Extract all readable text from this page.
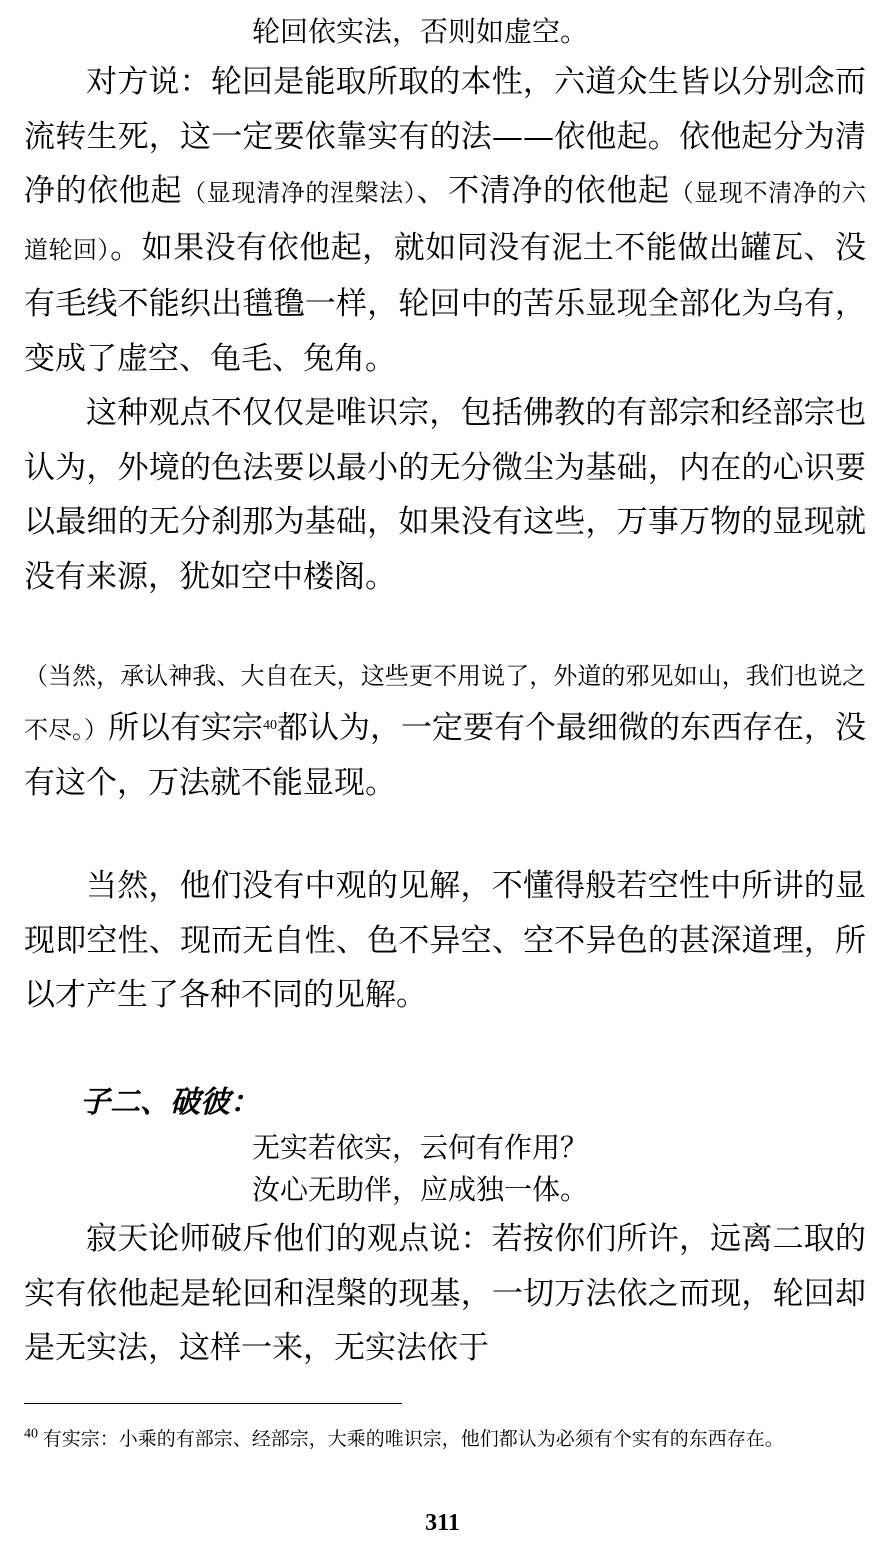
轮回依实法，否则如虚空。

对方说：轮回是能取所取的本性，六道众生皆以分别念而流转生死，这一定要依靠实有的法——依他起。依他起分为清净的依他起（显现清净的涅槃法）、不清净的依他起（显现不清净的六道轮回）。如果没有依他起，就如同没有泥土不能做出罐瓦、没有毛线不能织出氆氇一样，轮回中的苦乐显现全部化为乌有，变成了虚空、龟毛、兔角。

这种观点不仅仅是唯识宗，包括佛教的有部宗和经部宗也认为，外境的色法要以最小的无分微尘为基础，内在的心识要以最细的无分刹那为基础，如果没有这些，万事万物的显现就没有来源，犹如空中楼阁。

（当然，承认神我、大自在天，这些更不用说了，外道的邪见如山，我们也说之不尽。）所以有实宗$^{40}$都认为，一定要有个最细微的东西存在，没有这个，万法就不能显现。

当然，他们没有中观的见解，不懂得般若空性中所讲的显现即空性、现而无自性、色不异空、空不异色的甚深道理，所以才产生了各种不同的见解。

子二、破彼：
无实若依实，云何有作用？
汝心无助伴，应成独一体。

寂天论师破斥他们的观点说：若按你们所许，远离二取的实有依他起是轮回和涅槃的现基，一切万法依之而现，轮回却是无实法，这样一来，无实法依于

$^{40}$ 有实宗：小乘的有部宗、经部宗，大乘的唯识宗，他们都认为必须有个实有的东西存在。
311
